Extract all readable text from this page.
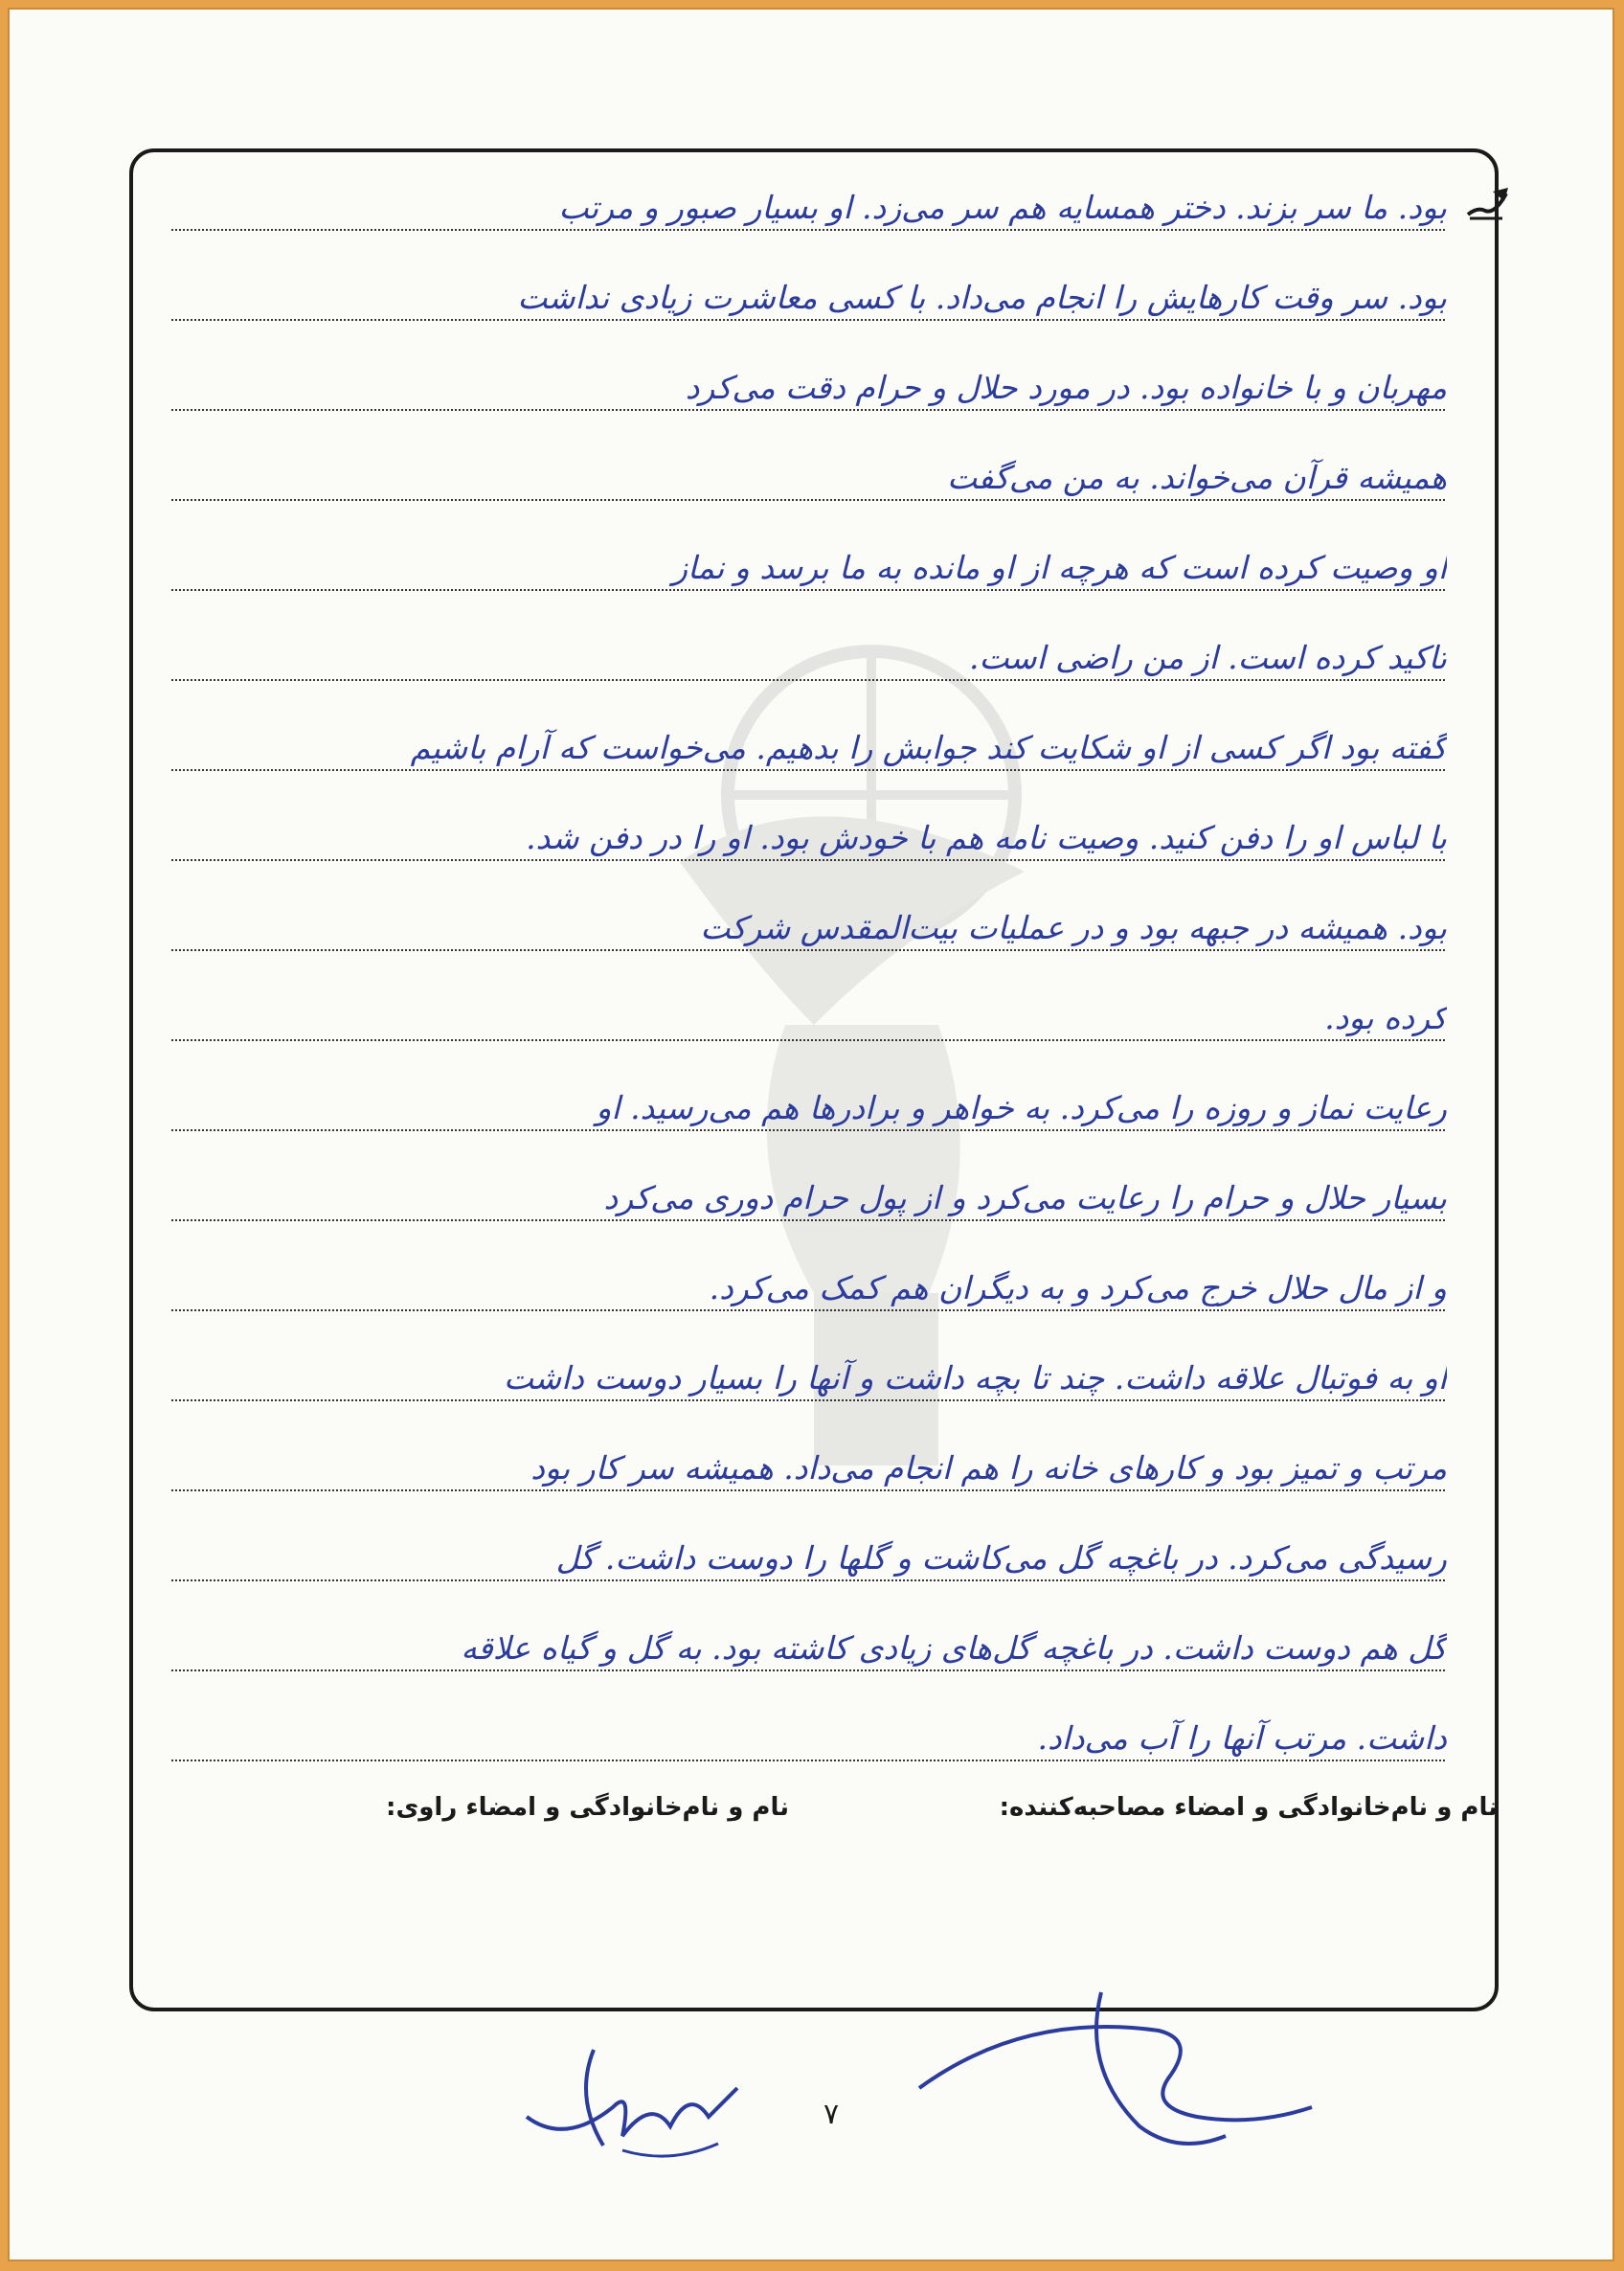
بود. ما سر بزند. دختر همسایه هم سر می‌زد. او بسیار صبور و مرتب
بود. سر وقت کارهایش را انجام می‌داد. با کسی معاشرت زیادی نداشت
مهربان و با خانواده بود. در مورد حلال و حرام دقت می‌کرد
همیشه قرآن می‌خواند. به من می‌گفت
او وصیت کرده است که هرچه از او مانده به ما برسد و نماز
تاکید کرده است. از من راضی است.
گفته بود اگر کسی از او شکایت کند جوابش را بدهیم. می‌خواست که آرام باشیم
با لباس او را دفن کنید. وصیت نامه هم با خودش بود. او را در دفن شد.
بود. همیشه در جبهه بود و در عملیات بیت‌المقدس شرکت
کرده بود.
رعایت نماز و روزه را می‌کرد. به خواهر و برادرها هم می‌رسید. او
بسیار حلال و حرام را رعایت می‌کرد و از پول حرام دوری می‌کرد
و از مال حلال خرج می‌کرد و به دیگران هم کمک می‌کرد.
او به فوتبال علاقه داشت. چند تا بچه داشت و آنها را بسیار دوست داشت
مرتب و تمیز بود و کارهای خانه را هم انجام می‌داد. همیشه سر کار بود
رسیدگی می‌کرد. در باغچه گل می‌کاشت و گلها را دوست داشت. گل
گل هم دوست داشت. در باغچه گل‌های زیادی کاشته بود. به گل و گیاه علاقه
داشت. مرتب آنها را آب می‌داد.
نام و نام‌خانوادگی و امضاء مصاحبه‌کننده:
نام و نام‌خانوادگی و امضاء راوی:
۷
